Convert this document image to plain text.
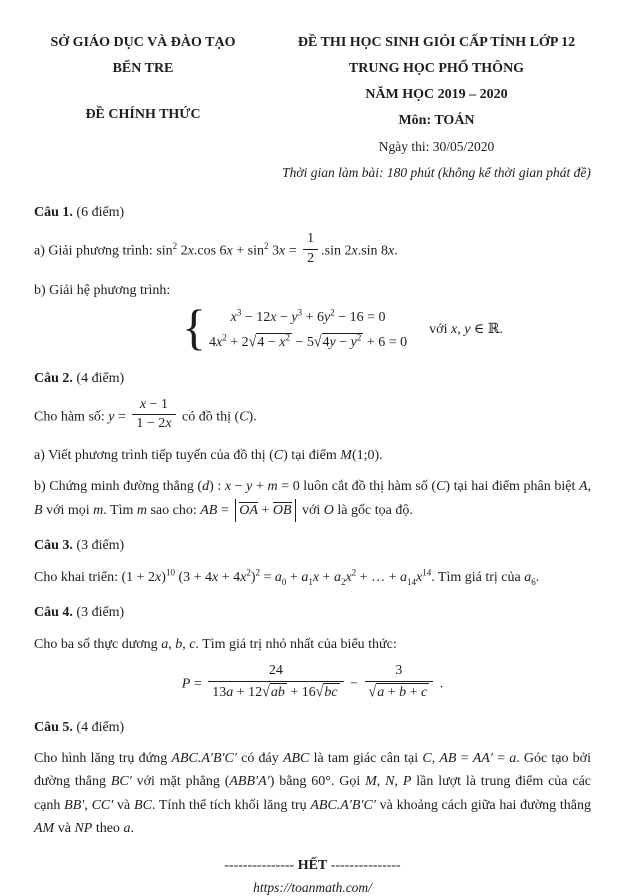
SỞ GIÁO DỤC VÀ ĐÀO TẠO
BẾN TRE
ĐỀ CHÍNH THỨC
ĐỀ THI HỌC SINH GIỎI CẤP TỈNH LỚP 12
TRUNG HỌC PHỔ THÔNG
NĂM HỌC 2019 – 2020
Môn: TOÁN
Ngày thi: 30/05/2020
Thời gian làm bài: 180 phút (không kể thời gian phát đề)

Câu 1. (6 điểm)

a) Giải phương trình: $\sin^2 2x.\cos$ $6x + \sin^2 3x = \frac{1}{2} .\sin$ 2x.sin 8x.

b) Giải hệ phương trình:

{	$x^3 - 12x - y^3 + 6y^2 - 16 = 0$
$4x^2 + 2√4 - x^2 - 5√4y - y^2 + 6 = 0$
với x, y ∈ ℝ.

Câu 2. (4 điểm)

Cho hàm số: $y = \frac{x - 1}{1 - 2x}$ có đồ thị (C).

a) Viết phương trình tiếp tuyến của đồ thị (C) tại điểm M(1;0).

b) Chứng minh đường thẳng (d) : x − y + m = 0 luôn cắt đồ thị hàm số (C) tại hai điểm phân biệt A, B với mọi m. Tìm m sao cho: AB = OA + OB với O là gốc tọa độ.

Câu 3. (3 điểm)

Cho khai triển: $(1 + 2x)^{10}$ $(3 + 4x + 4x^2)^2 = a_0 + a_1x + a_2x^2$ + … + $a_{14}x^{14}$. Tìm giá trị của $a_6$.

Câu 4. (3 điểm)

Cho ba số thực dương a, b, c. Tìm giá trị nhỏ nhất của biểu thức:

$P = \frac{24}{13a + 12√ab + 16√bc} - \frac{3}{√a + b + c}$ .

Câu 5. (4 điểm)

Cho hình lăng trụ đứng ABC.A′B′C′ có đáy ABC là tam giác cân tại C, AB = AA′ = a. Góc tạo bởi đường thẳng BC′ với mặt phẳng (ABB′A′) bằng 60°. Gọi M, N, P lần lượt là trung điểm của các cạnh BB′, CC′ và BC. Tính thể tích khối lăng trụ ABC.A′B′C′ và khoảng cách giữa hai đường thẳng AM và NP theo a.

--------------- HẾT ---------------

https://toanmath.com/
